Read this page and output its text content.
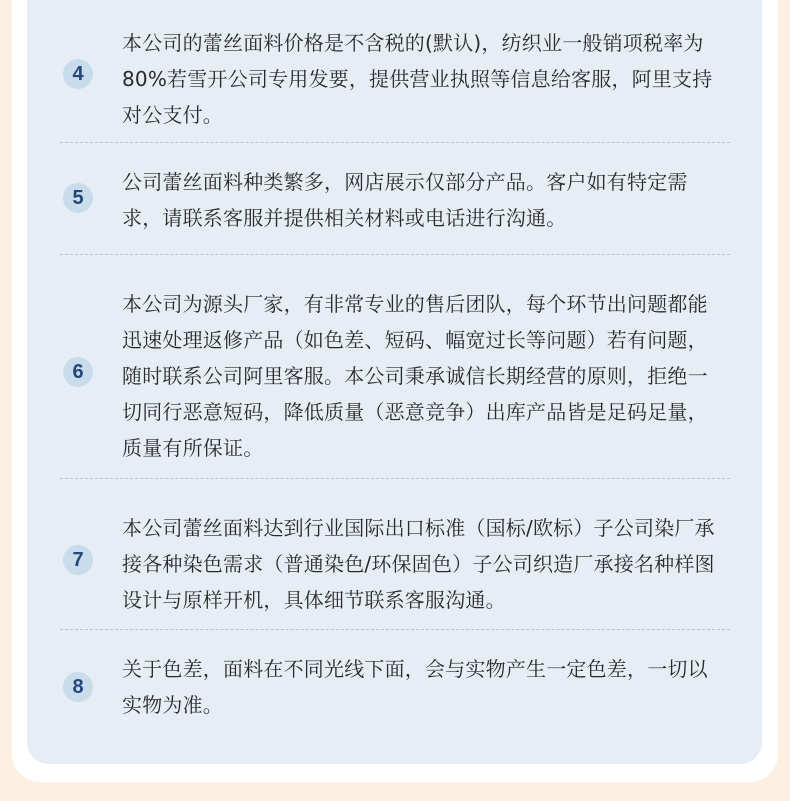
4
本公司的蕾丝面料价格是不含税的(默认)，纺织业一般销项税率为80%若雪开公司专用发要，提供营业执照等信息给客服，阿里支持对公支付。
5
公司蕾丝面料种类繁多，网店展示仅部分产品。客户如有特定需求，请联系客服并提供相关材料或电话进行沟通。
6
本公司为源头厂家，有非常专业的售后团队，每个环节出问题都能迅速处理返修产品（如色差、短码、幅宽过长等问题）若有问题，随时联系公司阿里客服。本公司秉承诚信长期经营的原则，拒绝一切同行恶意短码，降低质量（恶意竞争）出库产品皆是足码足量，质量有所保证。
7
本公司蕾丝面料达到行业国际出口标准（国标/欧标）子公司染厂承接各种染色需求（普通染色/环保固色）子公司织造厂承接名种样图设计与原样开机，具体细节联系客服沟通。
8
关于色差，面料在不同光线下面，会与实物产生一定色差，一切以实物为准。
